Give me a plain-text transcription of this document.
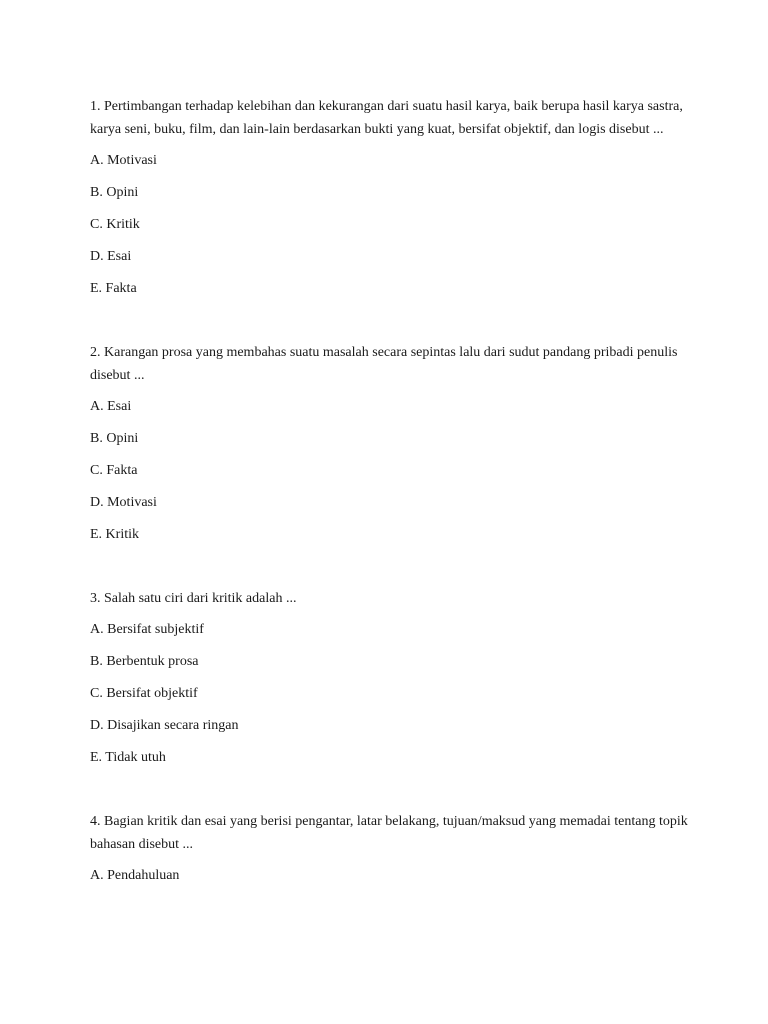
1. Pertimbangan terhadap kelebihan dan kekurangan dari suatu hasil karya, baik berupa hasil karya sastra, karya seni, buku, film, dan lain-lain berdasarkan bukti yang kuat, bersifat objektif, dan logis disebut ...

A. Motivasi
B. Opini
C. Kritik
D. Esai
E. Fakta

2. Karangan prosa yang membahas suatu masalah secara sepintas lalu dari sudut pandang pribadi penulis disebut ...

A. Esai
B. Opini
C. Fakta
D. Motivasi
E. Kritik

3. Salah satu ciri dari kritik adalah ...

A. Bersifat subjektif
B. Berbentuk prosa
C. Bersifat objektif
D. Disajikan secara ringan
E. Tidak utuh

4. Bagian kritik dan esai yang berisi pengantar, latar belakang, tujuan/maksud yang memadai tentang topik bahasan disebut ...

A. Pendahuluan
